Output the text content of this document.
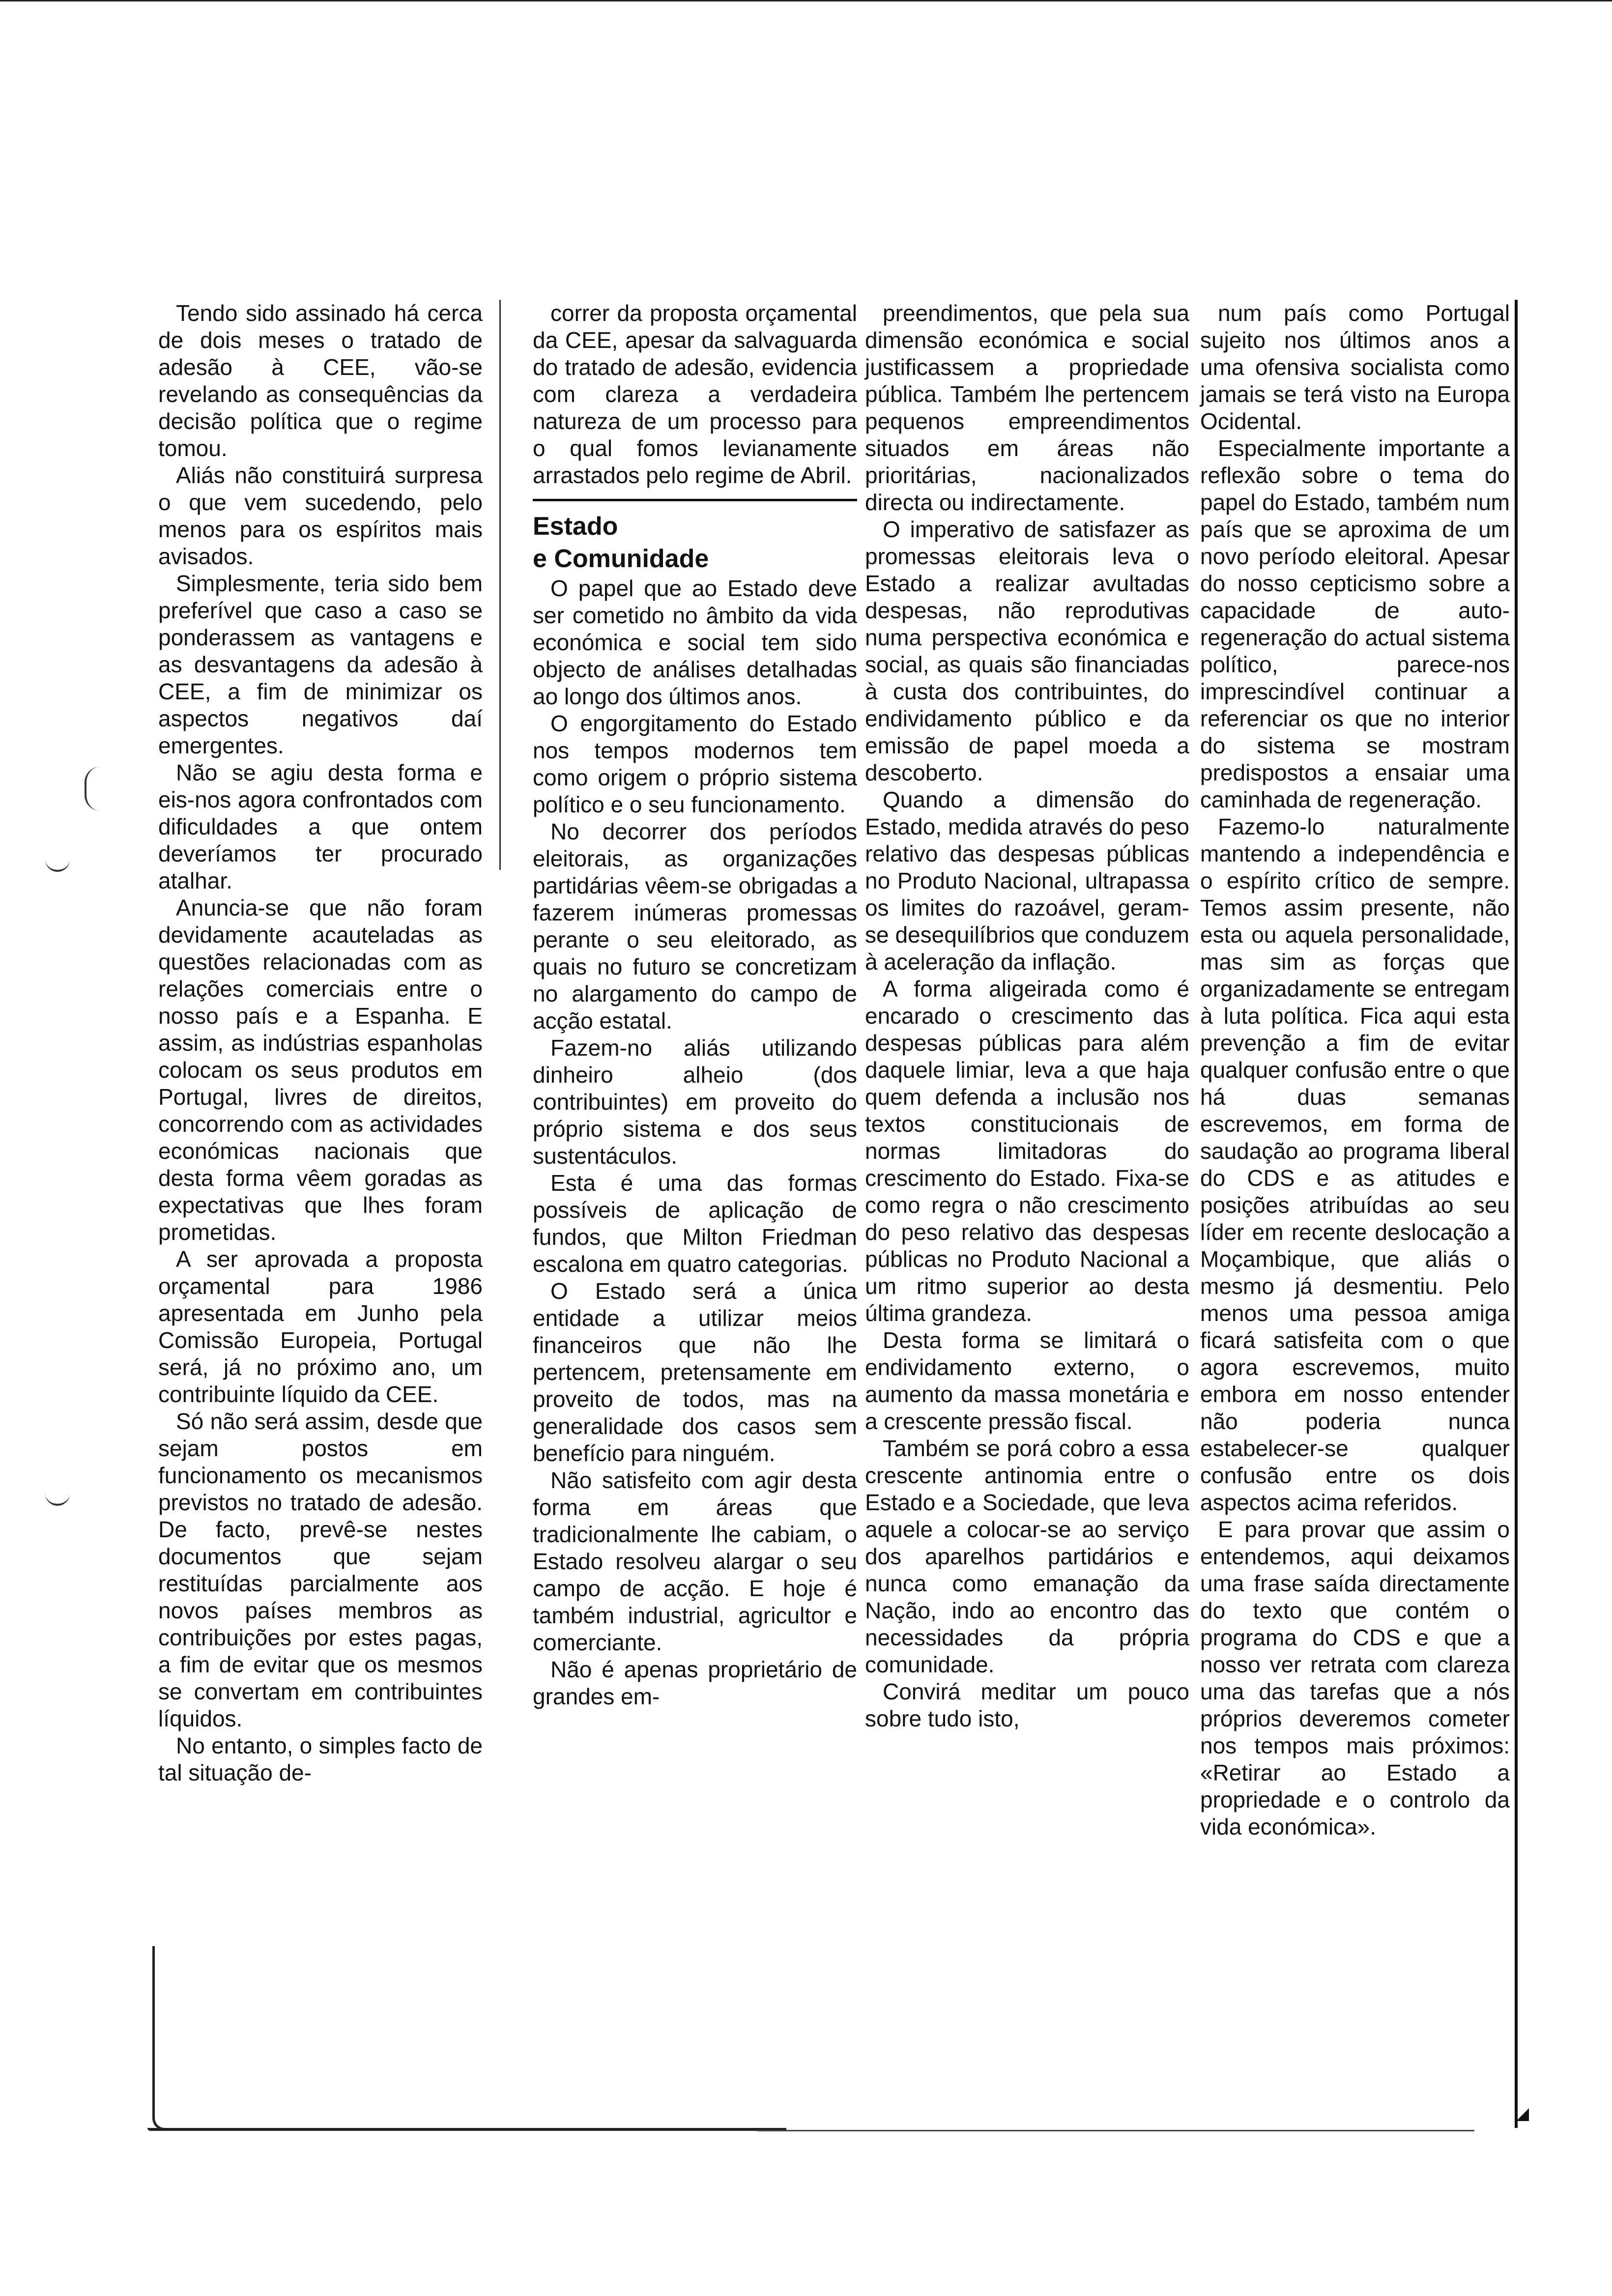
Tendo sido assinado há cerca de dois meses o tratado de adesão à CEE, vão-se revelando as consequências da decisão política que o regime tomou.

Aliás não constituirá surpresa o que vem sucedendo, pelo menos para os espíritos mais avisados.

Simplesmente, teria sido bem preferível que caso a caso se ponderassem as vantagens e as desvantagens da adesão à CEE, a fim de minimizar os aspectos negativos daí emergentes.

Não se agiu desta forma e eis-nos agora confrontados com dificuldades a que ontem deveríamos ter procurado atalhar.

Anuncia-se que não foram devidamente acauteladas as questões relacionadas com as relações comerciais entre o nosso país e a Espanha. E assim, as indústrias espanholas colocam os seus produtos em Portugal, livres de direitos, concorrendo com as actividades económicas nacionais que desta forma vêem goradas as expectativas que lhes foram prometidas.

A ser aprovada a proposta orçamental para 1986 apresentada em Junho pela Comissão Europeia, Portugal será, já no próximo ano, um contribuinte líquido da CEE.

Só não será assim, desde que sejam postos em funcionamento os mecanismos previstos no tratado de adesão. De facto, prevê-se nestes documentos que sejam restituídas parcialmente aos novos países membros as contribuições por estes pagas, a fim de evitar que os mesmos se convertam em contribuintes líquidos.

No entanto, o simples facto de tal situação de-

correr da proposta orçamental da CEE, apesar da salvaguarda do tratado de adesão, evidencia com clareza a verdadeira natureza de um processo para o qual fomos levianamente arrastados pelo regime de Abril.

Estado

e Comunidade

O papel que ao Estado deve ser cometido no âmbito da vida económica e social tem sido objecto de análises detalhadas ao longo dos últimos anos.

O engorgitamento do Estado nos tempos modernos tem como origem o próprio sistema político e o seu funcionamento.

No decorrer dos períodos eleitorais, as organizações partidárias vêem-se obrigadas a fazerem inúmeras promessas perante o seu eleitorado, as quais no futuro se concretizam no alargamento do campo de acção estatal.

Fazem-no aliás utilizando dinheiro alheio (dos contribuintes) em proveito do próprio sistema e dos seus sustentáculos.

Esta é uma das formas possíveis de aplicação de fundos, que Milton Friedman escalona em quatro categorias.

O Estado será a única entidade a utilizar meios financeiros que não lhe pertencem, pretensamente em proveito de todos, mas na generalidade dos casos sem benefício para ninguém.

Não satisfeito com agir desta forma em áreas que tradicionalmente lhe cabiam, o Estado resolveu alargar o seu campo de acção. E hoje é também industrial, agricultor e comerciante.

Não é apenas proprietário de grandes em-

preendimentos, que pela sua dimensão económica e social justificassem a propriedade pública. Também lhe pertencem pequenos empreendimentos situados em áreas não prioritárias, nacionalizados directa ou indirectamente.

O imperativo de satisfazer as promessas eleitorais leva o Estado a realizar avultadas despesas, não reprodutivas numa perspectiva económica e social, as quais são financiadas à custa dos contribuintes, do endividamento público e da emissão de papel moeda a descoberto.

Quando a dimensão do Estado, medida através do peso relativo das despesas públicas no Produto Nacional, ultrapassa os limites do razoável, geram-se desequilíbrios que conduzem à aceleração da inflação.

A forma aligeirada como é encarado o crescimento das despesas públicas para além daquele limiar, leva a que haja quem defenda a inclusão nos textos constitucionais de normas limitadoras do crescimento do Estado. Fixa-se como regra o não crescimento do peso relativo das despesas públicas no Produto Nacional a um ritmo superior ao desta última grandeza.

Desta forma se limitará o endividamento externo, o aumento da massa monetária e a crescente pressão fiscal.

Também se porá cobro a essa crescente antinomia entre o Estado e a Sociedade, que leva aquele a colocar-se ao serviço dos aparelhos partidários e nunca como emanação da Nação, indo ao encontro das necessidades da própria comunidade.

Convirá meditar um pouco sobre tudo isto,

num país como Portugal sujeito nos últimos anos a uma ofensiva socialista como jamais se terá visto na Europa Ocidental.

Especialmente importante a reflexão sobre o tema do papel do Estado, também num país que se aproxima de um novo período eleitoral. Apesar do nosso cepticismo sobre a capacidade de auto-regeneração do actual sistema político, parece-nos imprescindível continuar a referenciar os que no interior do sistema se mostram predispostos a ensaiar uma caminhada de regeneração.

Fazemo-lo naturalmente mantendo a independência e o espírito crítico de sempre. Temos assim presente, não esta ou aquela personalidade, mas sim as forças que organizadamente se entregam à luta política. Fica aqui esta prevenção a fim de evitar qualquer confusão entre o que há duas semanas escrevemos, em forma de saudação ao programa liberal do CDS e as atitudes e posições atribuídas ao seu líder em recente deslocação a Moçambique, que aliás o mesmo já desmentiu. Pelo menos uma pessoa amiga ficará satisfeita com o que agora escrevemos, muito embora em nosso entender não poderia nunca estabelecer-se qualquer confusão entre os dois aspectos acima referidos.

E para provar que assim o entendemos, aqui deixamos uma frase saída directamente do texto que contém o programa do CDS e que a nosso ver retrata com clareza uma das tarefas que a nós próprios deveremos cometer nos tempos mais próximos: «Retirar ao Estado a propriedade e o controlo da vida económica».
